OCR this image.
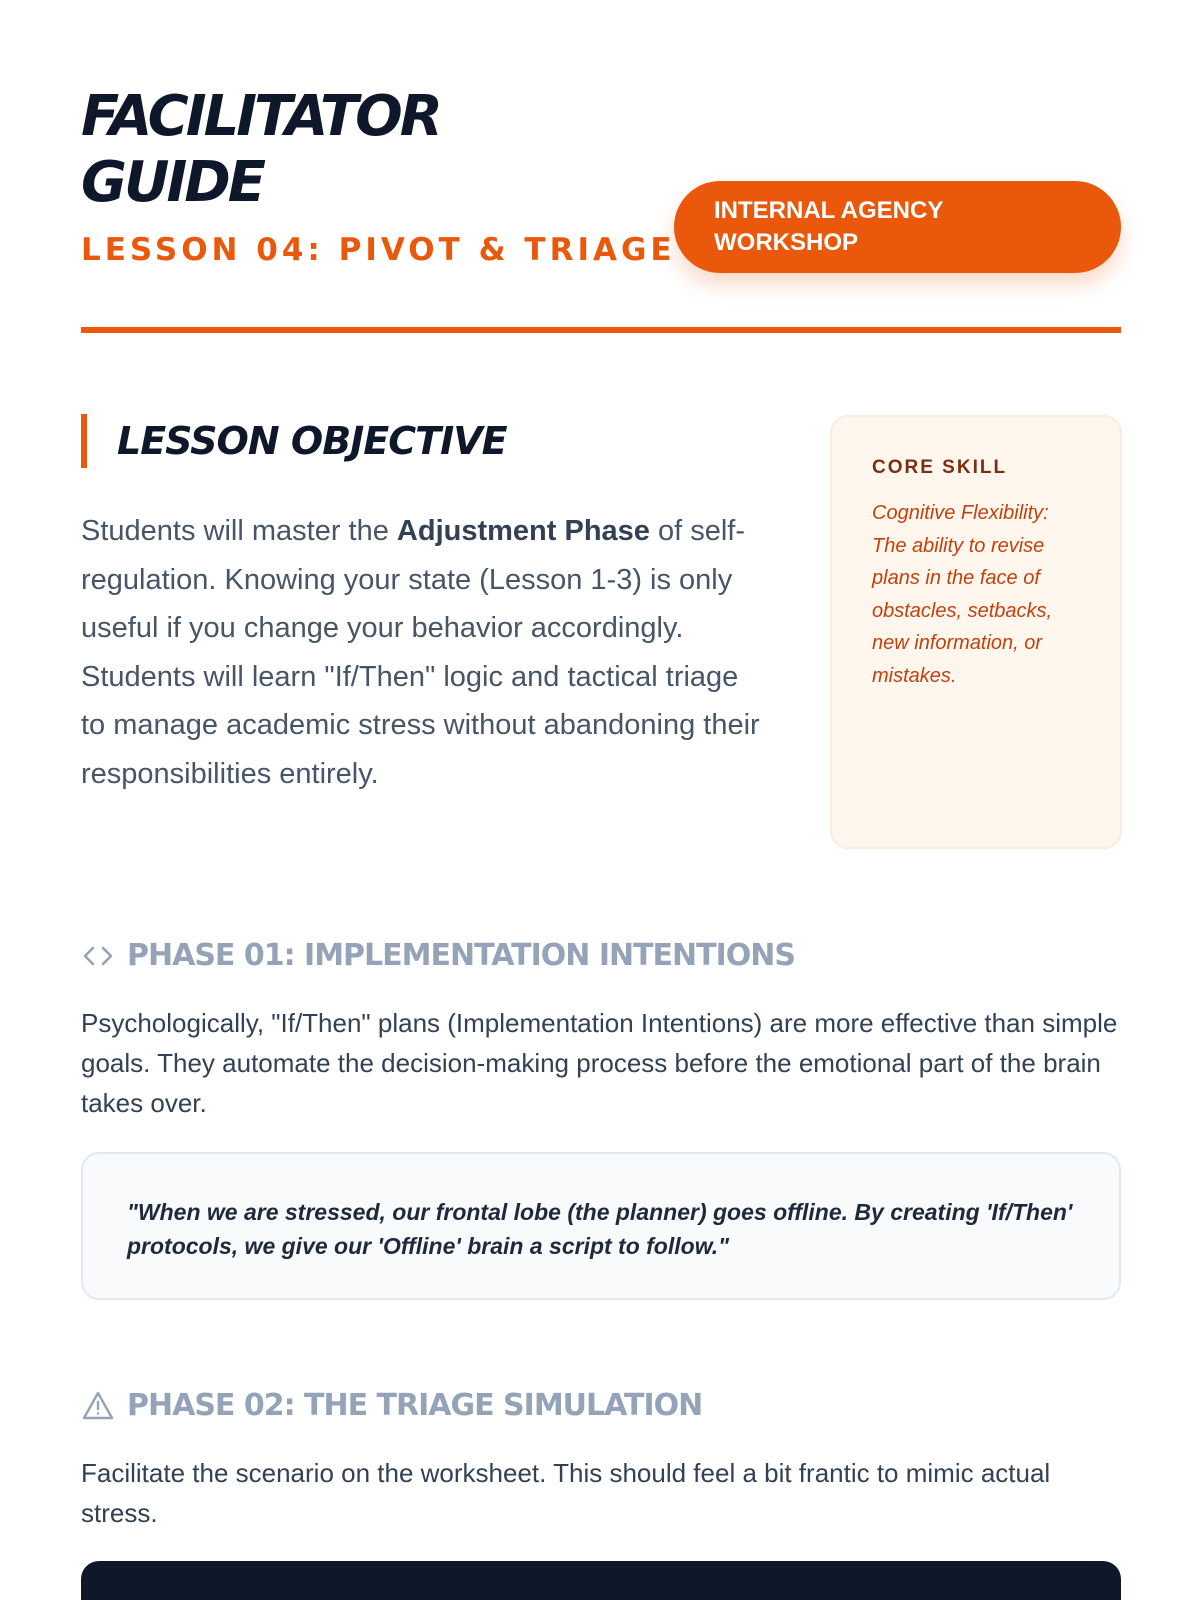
FACILITATOR GUIDE
LESSON 04: PIVOT & TRIAGE
INTERNAL AGENCY WORKSHOP
LESSON OBJECTIVE

Students will master the Adjustment Phase of self-regulation. Knowing your state (Lesson 1-3) is only useful if you change your behavior accordingly. Students will learn "If/Then" logic and tactical triage to manage academic stress without abandoning their responsibilities entirely.

CORE SKILL

Cognitive Flexibility: The ability to revise plans in the face of obstacles, setbacks, new information, or mistakes.

PHASE 01: IMPLEMENTATION INTENTIONS

Psychologically, "If/Then" plans (Implementation Intentions) are more effective than simple goals. They automate the decision-making process before the emotional part of the brain takes over.

"When we are stressed, our frontal lobe (the planner) goes offline. By creating 'If/Then' protocols, we give our 'Offline' brain a script to follow."

PHASE 02: THE TRIAGE SIMULATION

Facilitate the scenario on the worksheet. This should feel a bit frantic to mimic actual stress.
